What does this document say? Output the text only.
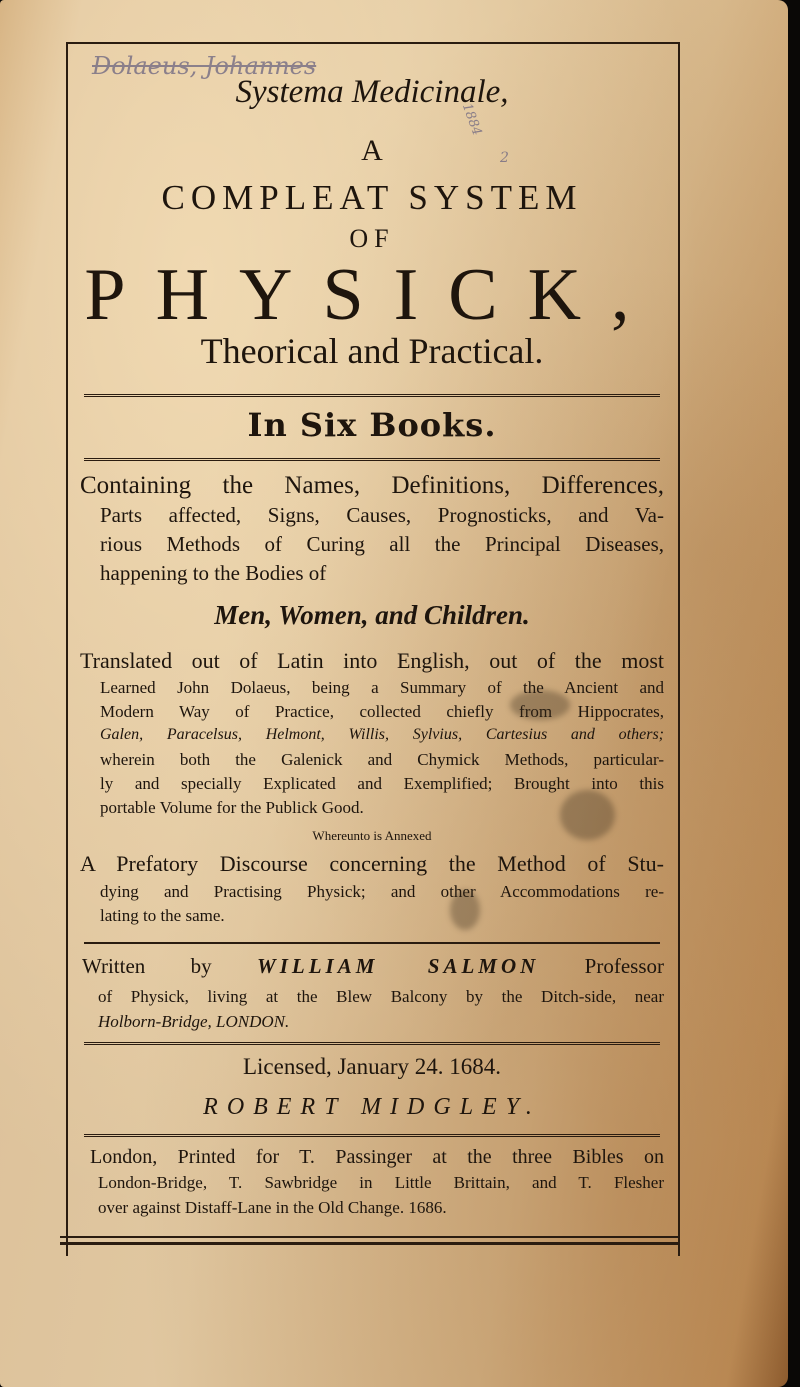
Dolaeus, Johannes
1884
2
Systema Medicinale,
A
COMPLEAT SYSTEM
OF
PHYSICK,
Theorical and Practical.
In Six Books.
Containing the Names, Definitions, Differences,
Parts affected, Signs, Causes, Prognosticks, and Va-
rious Methods of Curing all the Principal Diseases,
happening to the Bodies of
Men, Women, and Children.
Translated out of Latin into English, out of the most
Learned John Dolaeus, being a Summary of the Ancient and
Modern Way of Practice, collected chiefly from Hippocrates,
Galen, Paracelsus, Helmont, Willis, Sylvius, Cartesius and others;
wherein both the Galenick and Chymick Methods, particular-
ly and specially Explicated and Exemplified; Brought into this
portable Volume for the Publick Good.
Whereunto is Annexed
A Prefatory Discourse concerning the Method of Stu-
dying and Practising Physick; and other Accommodations re-
lating to the same.
Written by WILLIAM SALMON Professor
of Physick, living at the Blew Balcony by the Ditch-side, near
Holborn-Bridge, LONDON.
Licensed, January 24. 1684.
ROBERT MIDGLEY.
London, Printed for T. Passinger at the three Bibles on
London-Bridge, T. Sawbridge in Little Brittain, and T. Flesher
over against Distaff-Lane in the Old Change. 1686.
